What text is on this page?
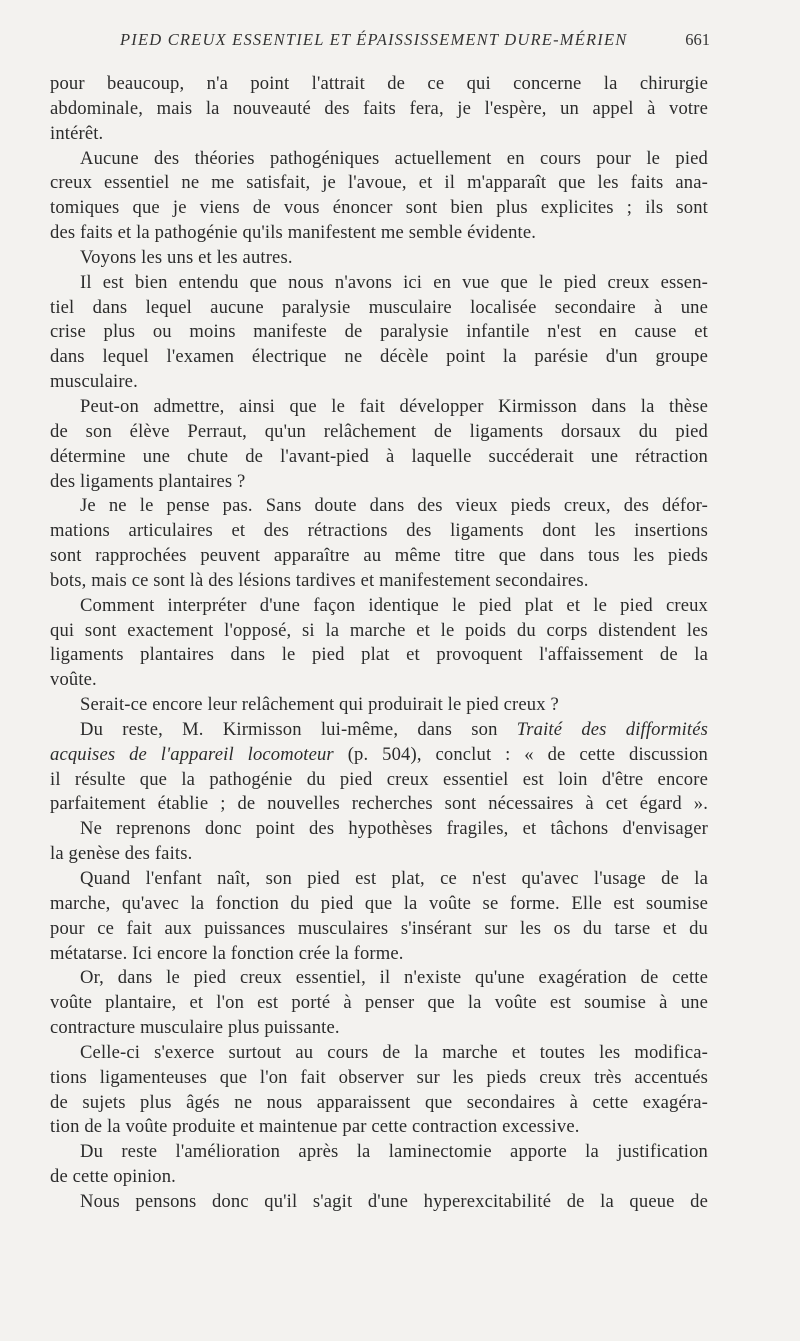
PIED CREUX ESSENTIEL ET ÉPAISSISSEMENT DURE-MÉRIEN	661
pour beaucoup, n'a point l'attrait de ce qui concerne la chirurgie
abdominale, mais la nouveauté des faits fera, je l'espère, un appel à votre
intérêt.
Aucune des théories pathogéniques actuellement en cours pour le pied
creux essentiel ne me satisfait, je l'avoue, et il m'apparaît que les faits ana-
tomiques que je viens de vous énoncer sont bien plus explicites ; ils sont
des faits et la pathogénie qu'ils manifestent me semble évidente.
Voyons les uns et les autres.
Il est bien entendu que nous n'avons ici en vue que le pied creux essen-
tiel dans lequel aucune paralysie musculaire localisée secondaire à une
crise plus ou moins manifeste de paralysie infantile n'est en cause et
dans lequel l'examen électrique ne décèle point la parésie d'un groupe
musculaire.
Peut-on admettre, ainsi que le fait développer Kirmisson dans la thèse
de son élève Perraut, qu'un relâchement de ligaments dorsaux du pied
détermine une chute de l'avant-pied à laquelle succéderait une rétraction
des ligaments plantaires ?
Je ne le pense pas. Sans doute dans des vieux pieds creux, des défor-
mations articulaires et des rétractions des ligaments dont les insertions
sont rapprochées peuvent apparaître au même titre que dans tous les pieds
bots, mais ce sont là des lésions tardives et manifestement secondaires.
Comment interpréter d'une façon identique le pied plat et le pied creux
qui sont exactement l'opposé, si la marche et le poids du corps distendent les
ligaments plantaires dans le pied plat et provoquent l'affaissement de la
voûte.
Serait-ce encore leur relâchement qui produirait le pied creux ?
Du reste, M. Kirmisson lui-même, dans son Traité des difformités
acquises de l'appareil locomoteur (p. 504), conclut : « de cette discussion
il résulte que la pathogénie du pied creux essentiel est loin d'être encore
parfaitement établie ; de nouvelles recherches sont nécessaires à cet égard ».
Ne reprenons donc point des hypothèses fragiles, et tâchons d'envisager
la genèse des faits.
Quand l'enfant naît, son pied est plat, ce n'est qu'avec l'usage de la
marche, qu'avec la fonction du pied que la voûte se forme. Elle est soumise
pour ce fait aux puissances musculaires s'insérant sur les os du tarse et du
métatarse. Ici encore la fonction crée la forme.
Or, dans le pied creux essentiel, il n'existe qu'une exagération de cette
voûte plantaire, et l'on est porté à penser que la voûte est soumise à une
contracture musculaire plus puissante.
Celle-ci s'exerce surtout au cours de la marche et toutes les modifica-
tions ligamenteuses que l'on fait observer sur les pieds creux très accentués
de sujets plus âgés ne nous apparaissent que secondaires à cette exagéra-
tion de la voûte produite et maintenue par cette contraction excessive.
Du reste l'amélioration après la laminectomie apporte la justification
de cette opinion.
Nous pensons donc qu'il s'agit d'une hyperexcitabilité de la queue de
